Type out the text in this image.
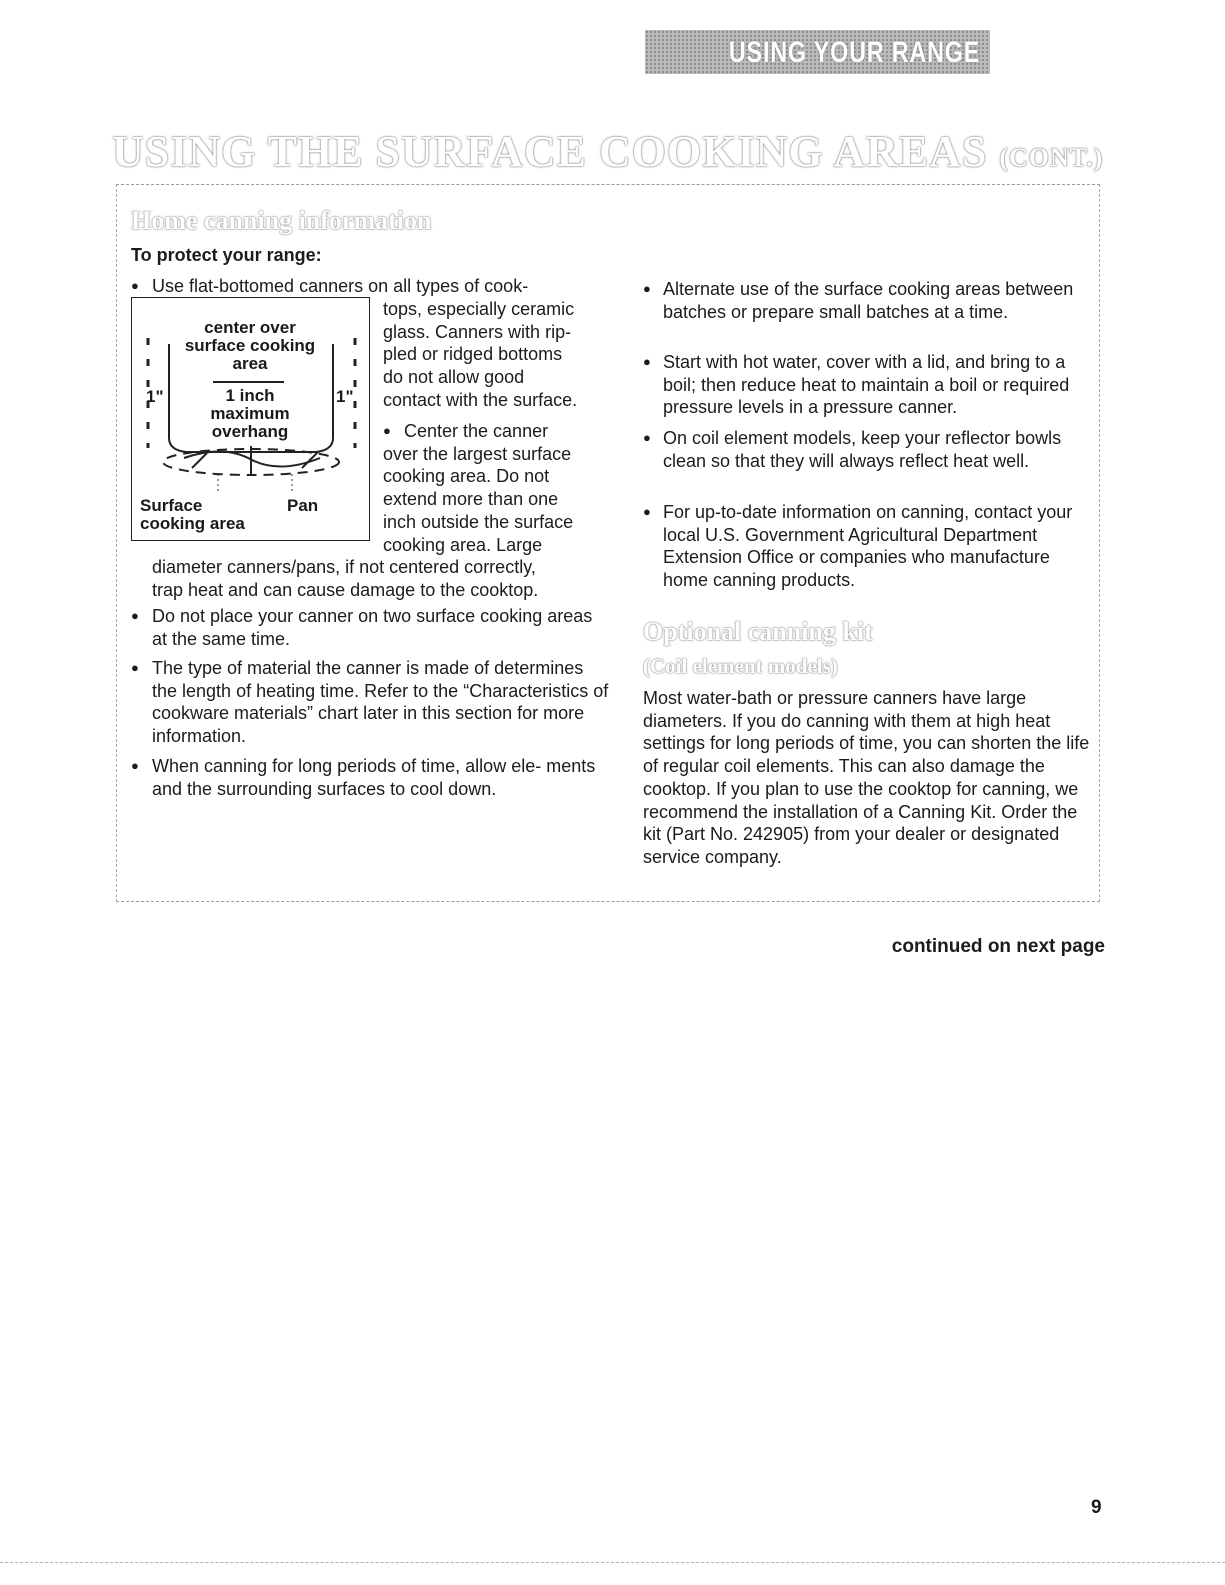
USING YOUR RANGE
USING THE SURFACE COOKING AREAS (CONT.)
Home canning information
To protect your range:
● Use flat-bottomed canners on all types of cook-
tops, especially ceramic
glass. Canners with rip-
pled or ridged bottoms
do not allow good
contact with the surface.
● Center the canner
over the largest surface
cooking area. Do not
extend more than one
inch outside the surface
cooking area. Large
diameter canners/pans, if not centered correctly,
trap heat and can cause damage to the cooktop.
center over
surface cooking
area
1 inch
maximum
overhang
1"	1"
Surface
cooking area
Pan
● Do not place your canner on two surface cooking areas at the same time.
● The type of material the canner is made of determines the length of heating time. Refer to the “Characteristics of cookware materials” chart later in this section for more information.
● When canning for long periods of time, allow ele- ments and the surrounding surfaces to cool down.
● Alternate use of the surface cooking areas between batches or prepare small batches at a time.
● Start with hot water, cover with a lid, and bring to a boil; then reduce heat to maintain a boil or required pressure levels in a pressure canner.
● On coil element models, keep your reflector bowls clean so that they will always reflect heat well.
● For up-to-date information on canning, contact your local U.S. Government Agricultural Department Extension Office or companies who manufacture home canning products.
Optional canning kit
(Coil element models)
Most water-bath or pressure canners have large diameters. If you do canning with them at high heat settings for long periods of time, you can shorten the life of regular coil elements. This can also damage the cooktop. If you plan to use the cooktop for canning, we recommend the installation of a Canning Kit. Order the kit (Part No. 242905) from your dealer or designated service company.
continued on next page
9
